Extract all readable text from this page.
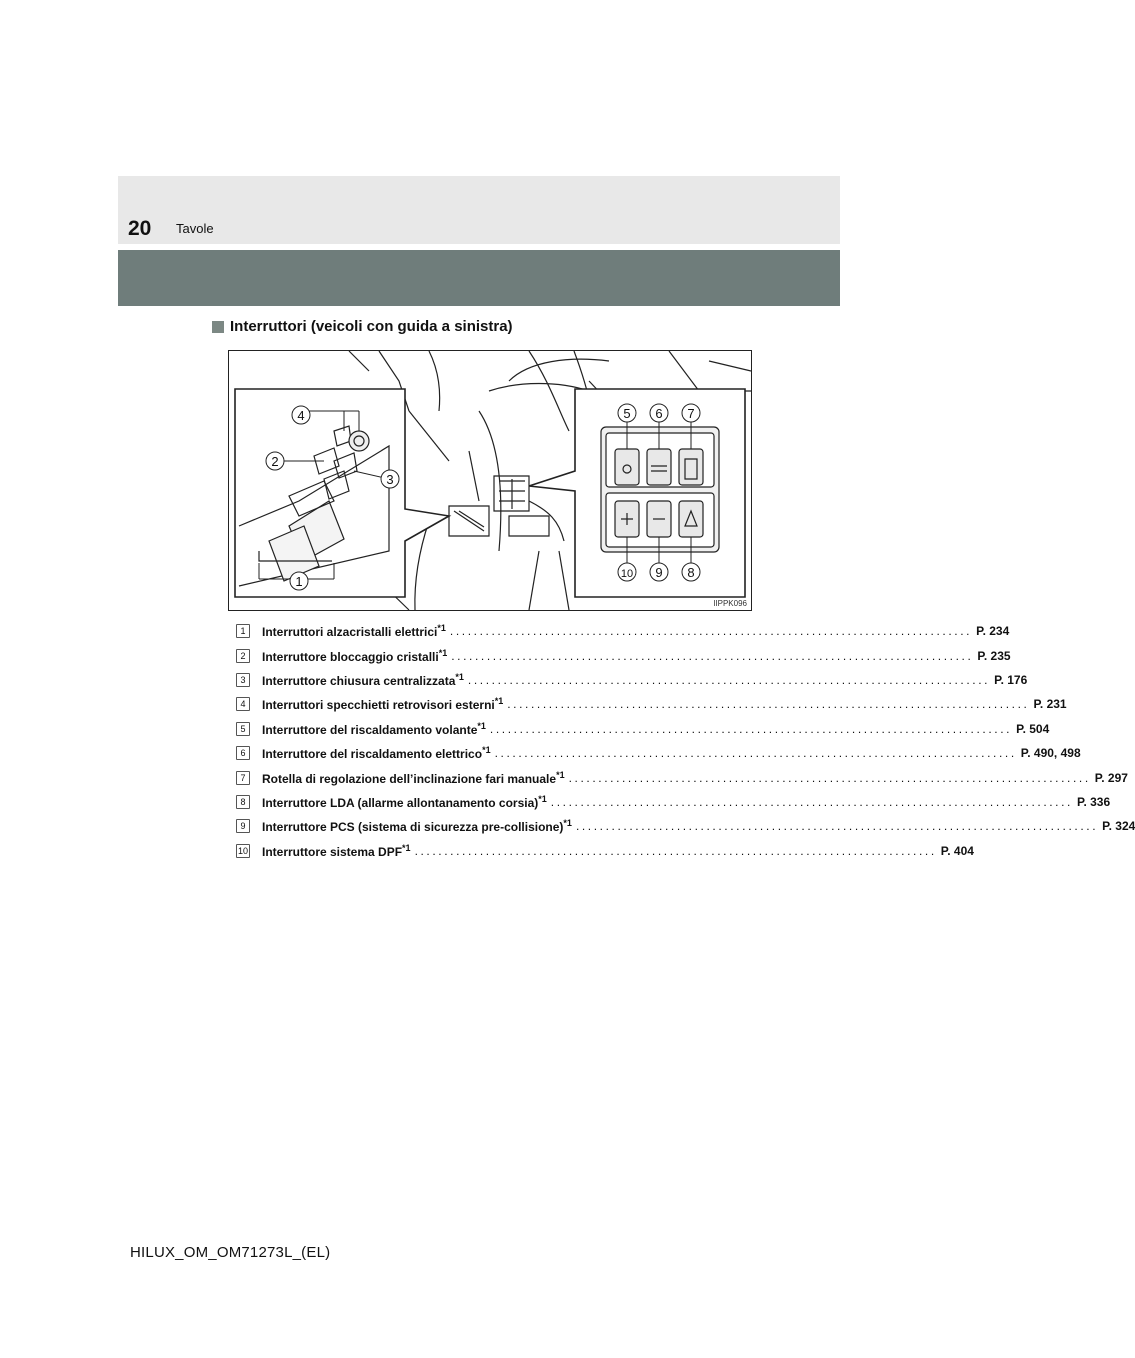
20 Tavole
Interruttori (veicoli con guida a sinistra)
4
2
3
1
5 6 7
10 9 8
IIPPK096
1	Interruttori alzacristalli elettrici$^{*1}$ ........................................................................................ P. 234
2	Interruttore bloccaggio cristalli$^{*1}$ ........................................................................................ P. 235
3	Interruttore chiusura centralizzata$^{*1}$ ........................................................................................ P. 176
4	Interruttori specchietti retrovisori esterni$^{*1}$ ........................................................................................ P. 231
5	Interruttore del riscaldamento volante$^{*1}$ ........................................................................................ P. 504
6	Interruttore del riscaldamento elettrico$^{*1}$ ........................................................................................ P. 490, 498
7	Rotella di regolazione dell’inclinazione fari manuale$^{*1}$ ........................................................................................ P. 297
8	Interruttore LDA (allarme allontanamento corsia)$^{*1}$ ........................................................................................ P. 336
9	Interruttore PCS (sistema di sicurezza pre-collisione)$^{*1}$ ........................................................................................ P. 324
10 Interruttore sistema DPF$^{*1}$ ........................................................................................ P. 404
HILUX_OM_OM71273L_(EL)
